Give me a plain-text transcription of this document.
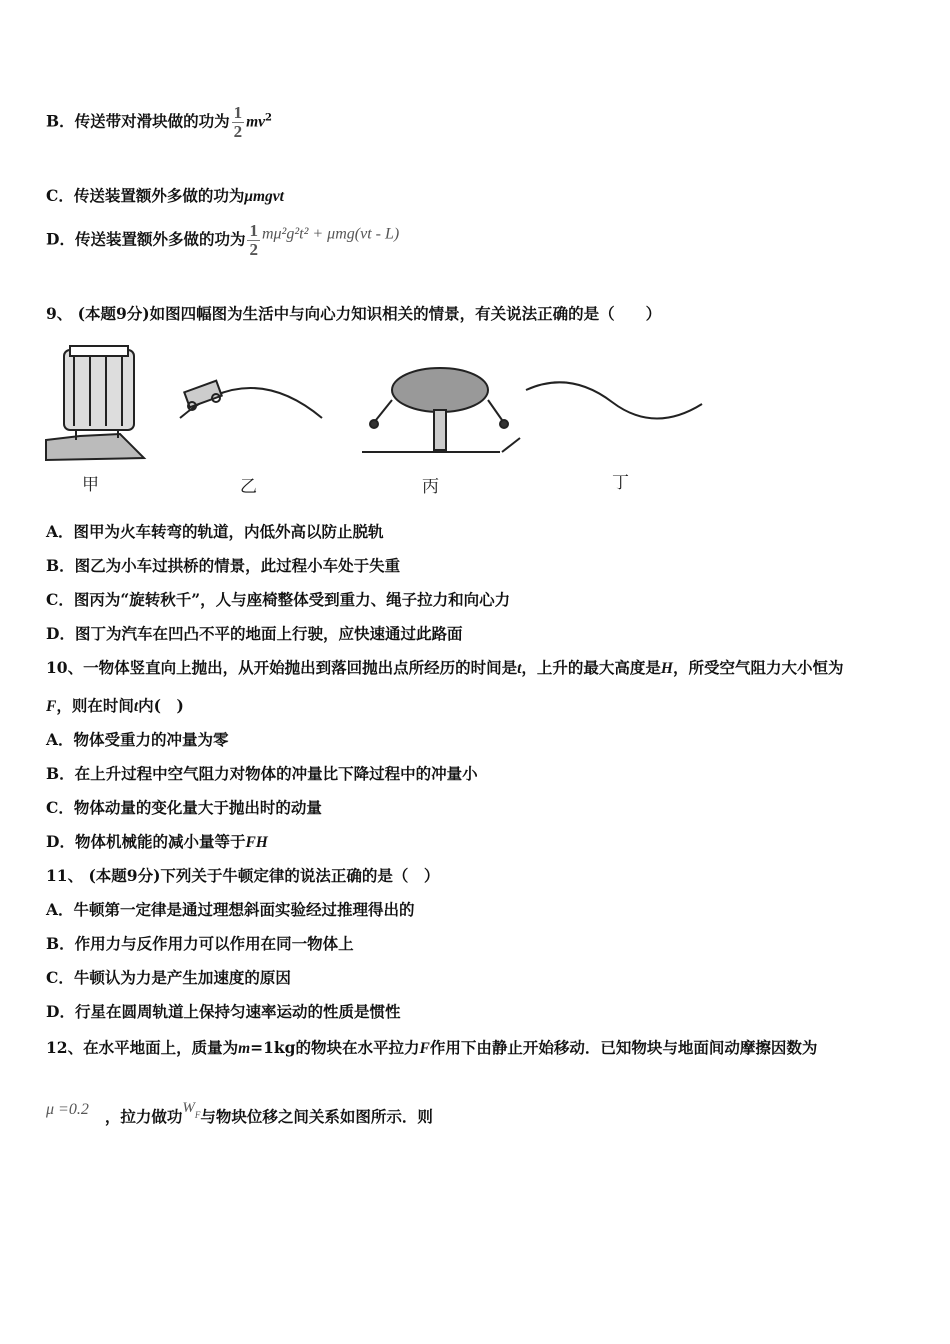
B．传送带对滑块做的功为 $\frac{1}{2} mv^2$
C．传送装置额外多做的功为μmgvt
D．传送装置额外多做的功为 $\frac{1}{2} m\mu^2g^2t^2 + \mu mg(vt - L)$
9、 (本题9分)如图四幅图为生活中与向心力知识相关的情景，有关说法正确的是（　　）
甲	乙	丙	丁
A．图甲为火车转弯的轨道，内低外高以防止脱轨
B．图乙为小车过拱桥的情景，此过程小车处于失重
C．图丙为“旋转秋千”，人与座椅整体受到重力、绳子拉力和向心力
D．图丁为汽车在凹凸不平的地面上行驶，应快速通过此路面
10、一物体竖直向上抛出，从开始抛出到落回抛出点所经历的时间是t，上升的最大高度是H，所受空气阻力大小恒为
F，则在时间t内(　)
A．物体受重力的冲量为零
B．在上升过程中空气阻力对物体的冲量比下降过程中的冲量小
C．物体动量的变化量大于抛出时的动量
D．物体机械能的减小量等于FH
11、 (本题9分)下列关于牛顿定律的说法正确的是（　）
A．牛顿第一定律是通过理想斜面实验经过推理得出的
B．作用力与反作用力可以作用在同一物体上
C．牛顿认为力是产生加速度的原因
D．行星在圆周轨道上保持匀速率运动的性质是惯性
12、在水平地面上，质量为m=1kg的物块在水平拉力F作用下由静止开始移动．已知物块与地面间动摩擦因数为
μ =0.2 ，拉力做功$W_F$与物块位移之间关系如图所示．则
